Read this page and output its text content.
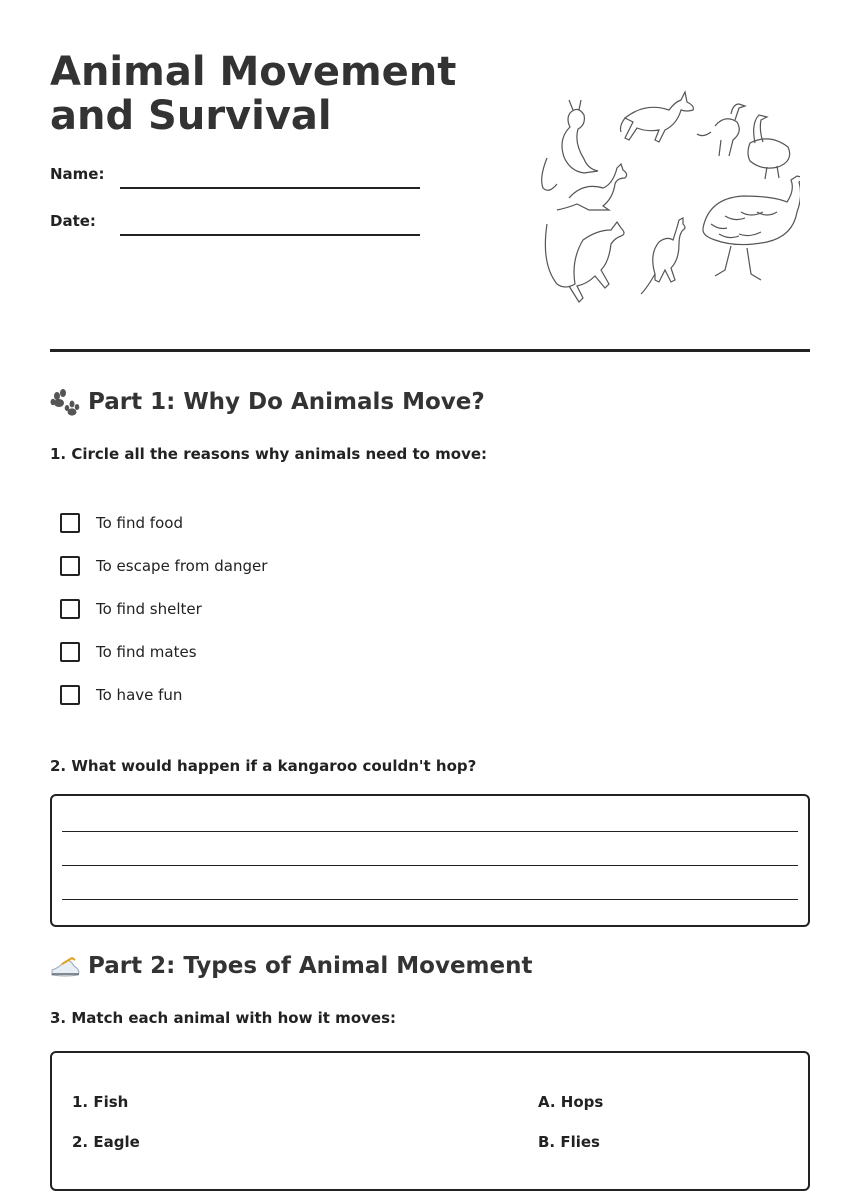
Animal Movement and Survival
Name:
Date:
Part 1: Why Do Animals Move?
1. Circle all the reasons why animals need to move:
To find food
To escape from danger
To find shelter
To find mates
To have fun
2. What would happen if a kangaroo couldn't hop?
Part 2: Types of Animal Movement
3. Match each animal with how it moves:
1. Fish
2. Eagle
A. Hops
B. Flies
